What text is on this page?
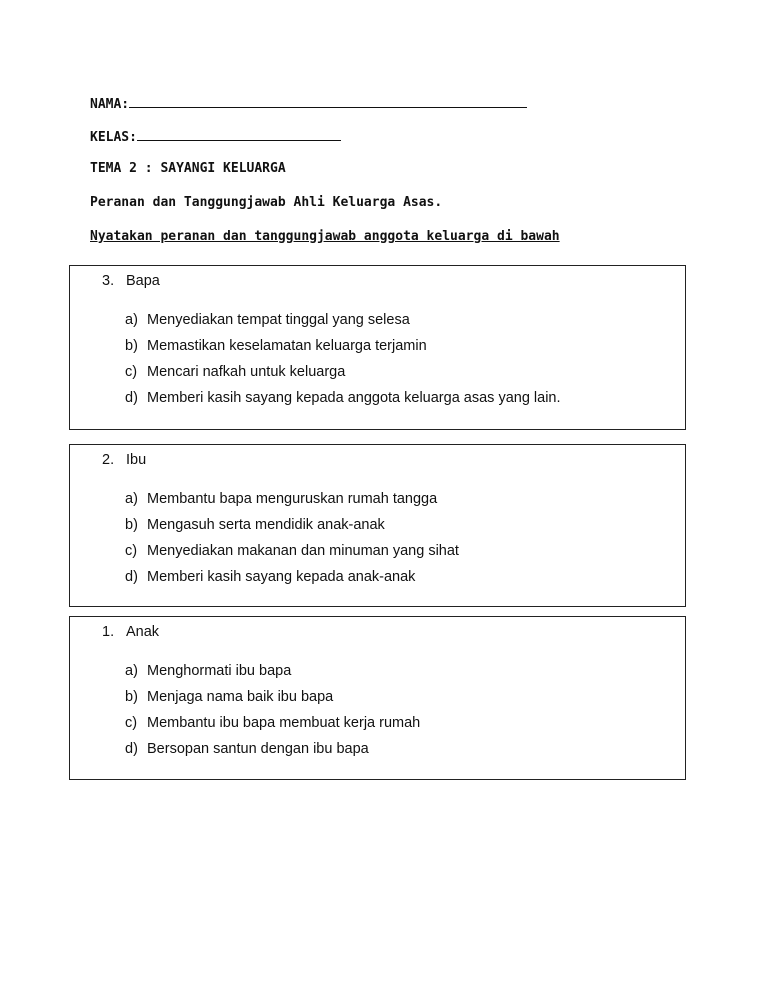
NAMA:
KELAS:
TEMA 2 : SAYANGI KELUARGA
Peranan dan Tanggungjawab Ahli Keluarga Asas.
Nyatakan peranan dan tanggungjawab anggota keluarga di bawah
3. Bapa
a) Menyediakan tempat tinggal yang selesa
b) Memastikan keselamatan keluarga terjamin
c) Mencari nafkah untuk keluarga
d) Memberi kasih sayang kepada anggota keluarga asas yang lain.
2. Ibu
a) Membantu bapa menguruskan rumah tangga
b) Mengasuh serta mendidik anak-anak
c) Menyediakan makanan dan minuman yang sihat
d) Memberi kasih sayang kepada anak-anak
1. Anak
a) Menghormati ibu bapa
b) Menjaga nama baik ibu bapa
c) Membantu ibu bapa membuat kerja rumah
d) Bersopan santun dengan ibu bapa
